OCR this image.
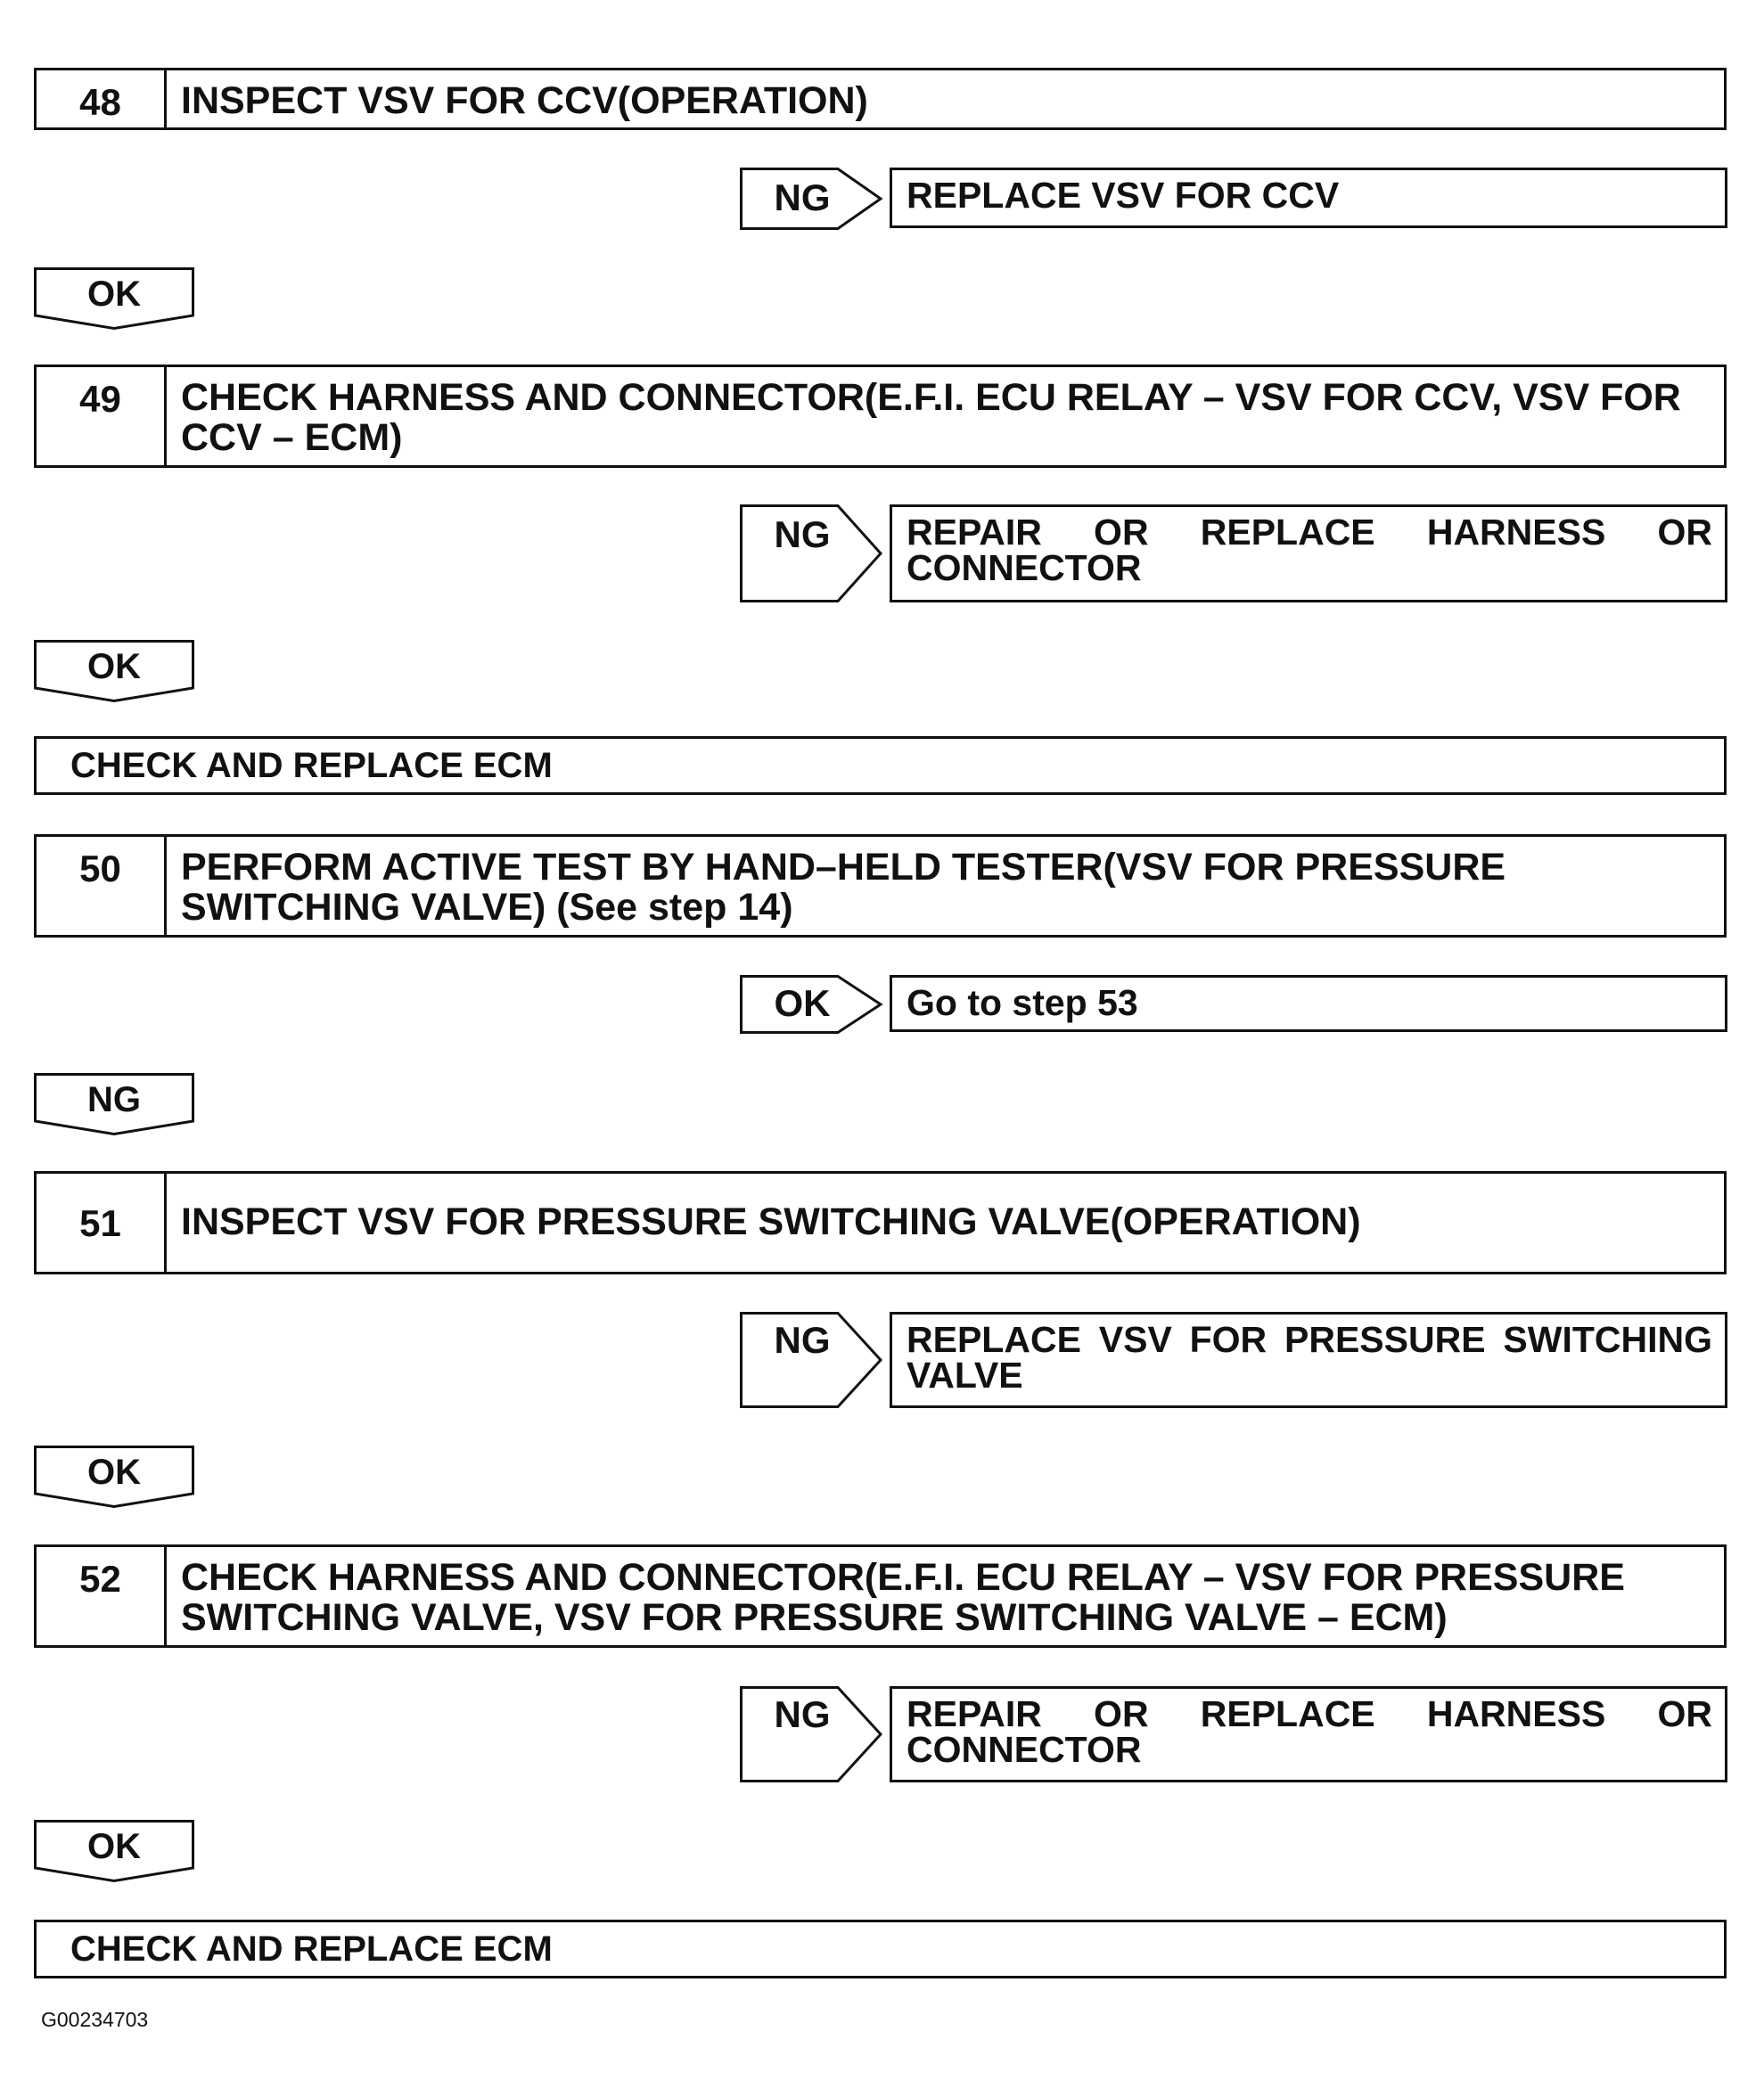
48	INSPECT VSV FOR CCV(OPERATION)
NG	REPLACE VSV FOR CCV
OK
49	CHECK HARNESS AND CONNECTOR(E.F.I. ECU RELAY – VSV FOR CCV, VSV FOR CCV – ECM)
NG	REPAIR OR REPLACE HARNESS OR CONNECTOR
OK
CHECK AND REPLACE ECM
50	PERFORM ACTIVE TEST BY HAND–HELD TESTER(VSV FOR PRESSURE SWITCHING VALVE) (See step 14)
OK	Go to step 53
NG
51	INSPECT VSV FOR PRESSURE SWITCHING VALVE(OPERATION)
NG	REPLACE VSV FOR PRESSURE SWITCHING VALVE
OK
52	CHECK HARNESS AND CONNECTOR(E.F.I. ECU RELAY – VSV FOR PRESSURE SWITCHING VALVE, VSV FOR PRESSURE SWITCHING VALVE – ECM)
NG	REPAIR OR REPLACE HARNESS OR CONNECTOR
OK
CHECK AND REPLACE ECM
G00234703
